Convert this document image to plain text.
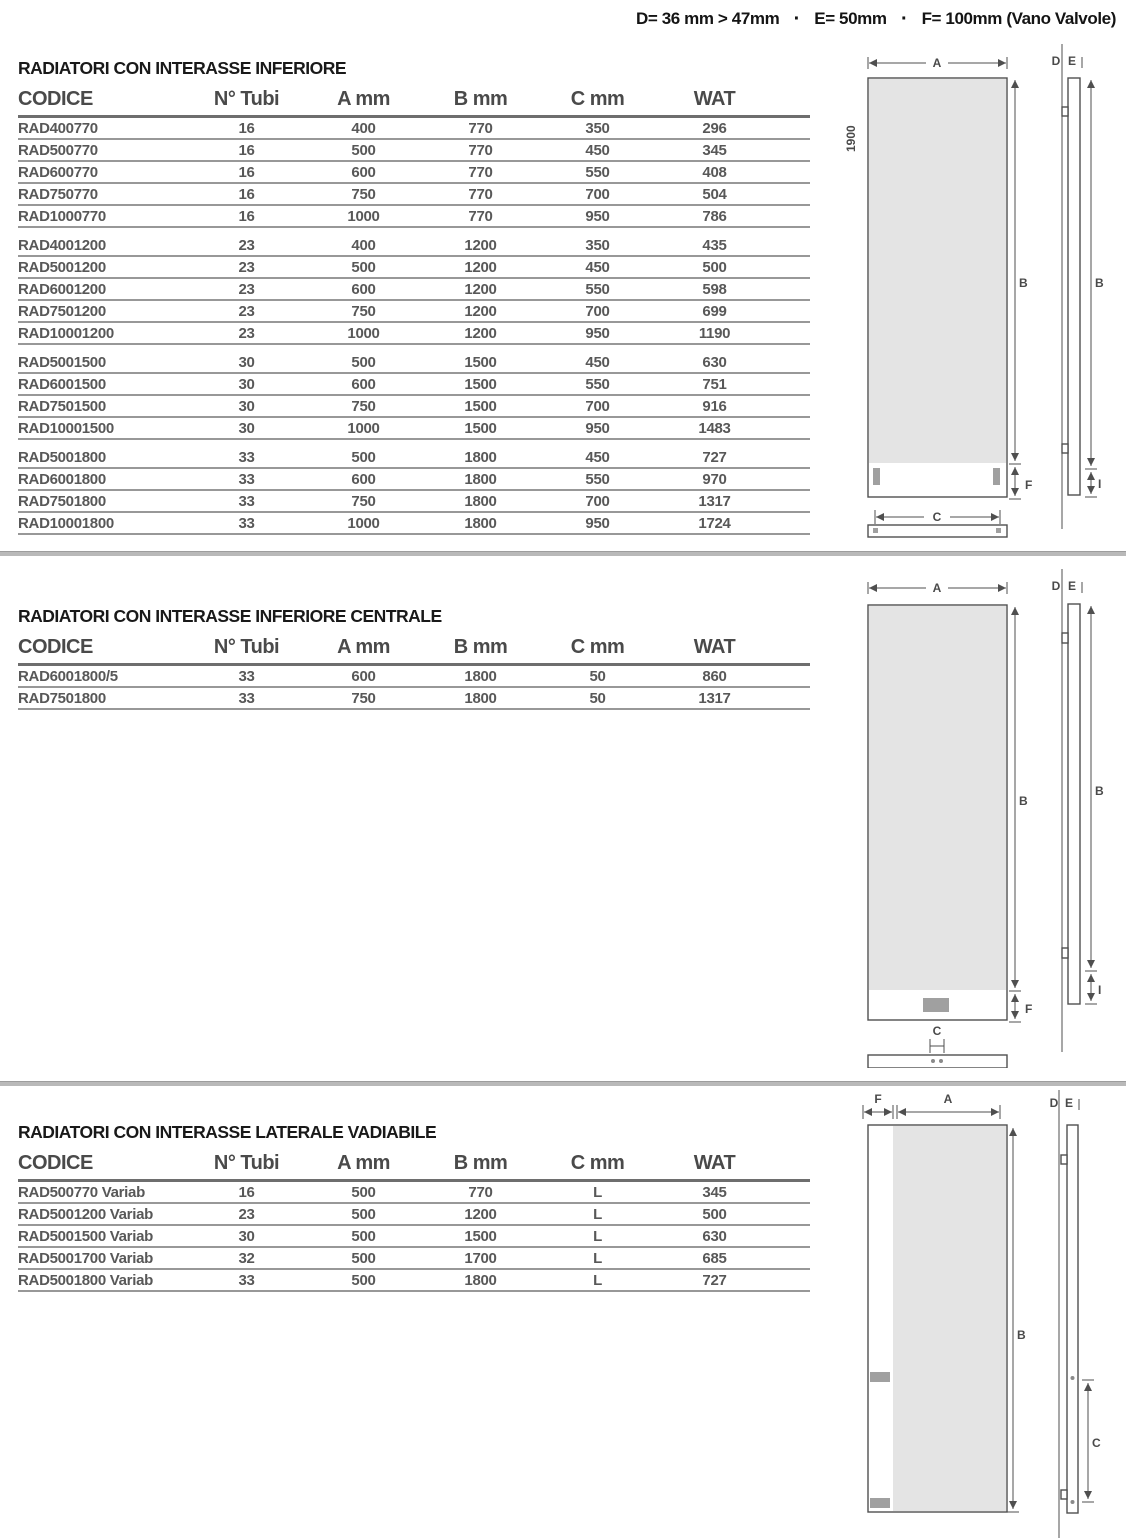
D= 36 mm > 47mm · E= 50mm · F= 100mm (Vano Valvole)
RADIATORI CON INTERASSE INFERIORE
CODICE	N° Tubi	A mm	B mm	C mm	WAT
RAD400770	16	400	770	350	296
RAD500770	16	500	770	450	345
RAD600770	16	600	770	550	408
RAD750770	16	750	770	700	504
RAD1000770	16	1000	770	950	786
RAD4001200	23	400	1200	350	435
RAD5001200	23	500	1200	450	500
RAD6001200	23	600	1200	550	598
RAD7501200	23	750	1200	700	699
RAD10001200	23	1000	1200	950	1190
RAD5001500	30	500	1500	450	630
RAD6001500	30	600	1500	550	751
RAD7501500	30	750	1500	700	916
RAD10001500	30	1000	1500	950	1483
RAD5001800	33	500	1800	450	727
RAD6001800	33	600	1800	550	970
RAD7501800	33	750	1800	700	1317
RAD10001800	33	1000	1800	950	1724
RADIATORI CON INTERASSE INFERIORE CENTRALE
CODICE	N° Tubi	A mm	B mm	C mm	WAT
RAD6001800/5	33	600	1800	50	860
RAD7501800	33	750	1800	50	1317
RADIATORI CON INTERASSE LATERALE VADIABILE
CODICE	N° Tubi	A mm	B mm	C mm	WAT
RAD500770 Variab	16	500	770	L	345
RAD5001200 Variab	23	500	1200	L	500
RAD5001500 Variab	30	500	1500	L	630
RAD5001700 Variab	32	500	1700	L	685
RAD5001800 Variab	33	500	1800	L	727
1900
A
B
F
C
D E
B
I
A
B
F
C
D E
B
I
F	A
B
D E
C
